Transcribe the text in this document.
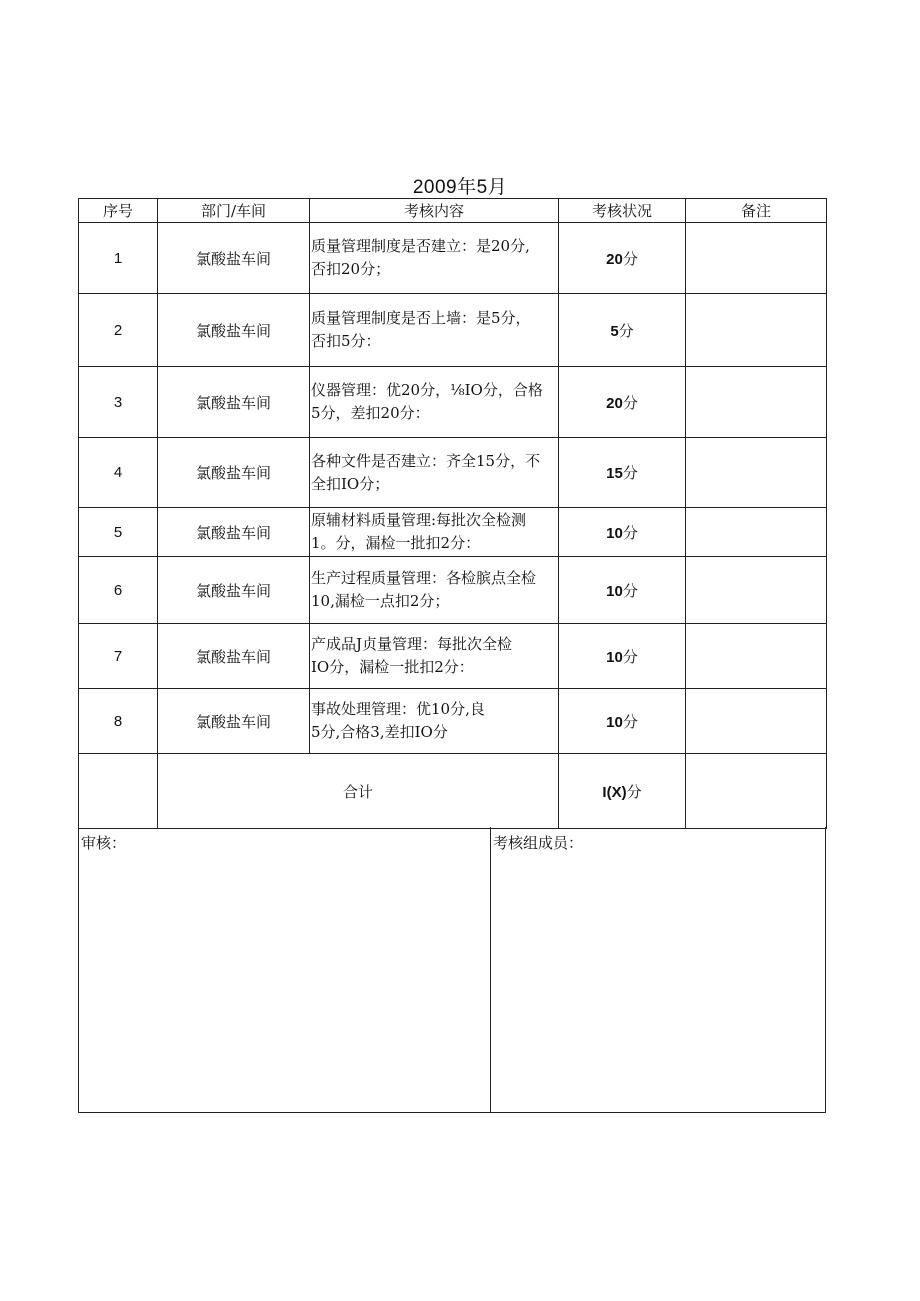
2009年5月
序号	部门/车间	考核内容	考核状况	备注
1	氯酸盐车间	质量管理制度是否建立：是20分,
否扣20分；	20分	
2	氯酸盐车间	质量管理制度是否上墙：是5分，
否扣5分：	5分	
3	氯酸盐车间	仪器管理：优20分，⅛IO分，合格
5分，差扣20分：	20分	
4	氯酸盐车间	各种文件是否建立：齐全15分，不
全扣IO分；	15分	
5	氯酸盐车间	原辅材料质量管理:每批次全检测
1。分，漏检一批扣2分：	10分	
6	氯酸盐车间	生产过程质量管理：各检膑点全检
10,漏检一点扣2分；	10分	
7	氯酸盐车间	产成品J贞量管理：每批次全检
IO分，漏检一批扣2分：	10分	
8	氯酸盐车间	事故处理管理：优10分,良
5分,合格3,差扣IO分	10分	
	合计		I(X)分	
审核：	考核组成员：
